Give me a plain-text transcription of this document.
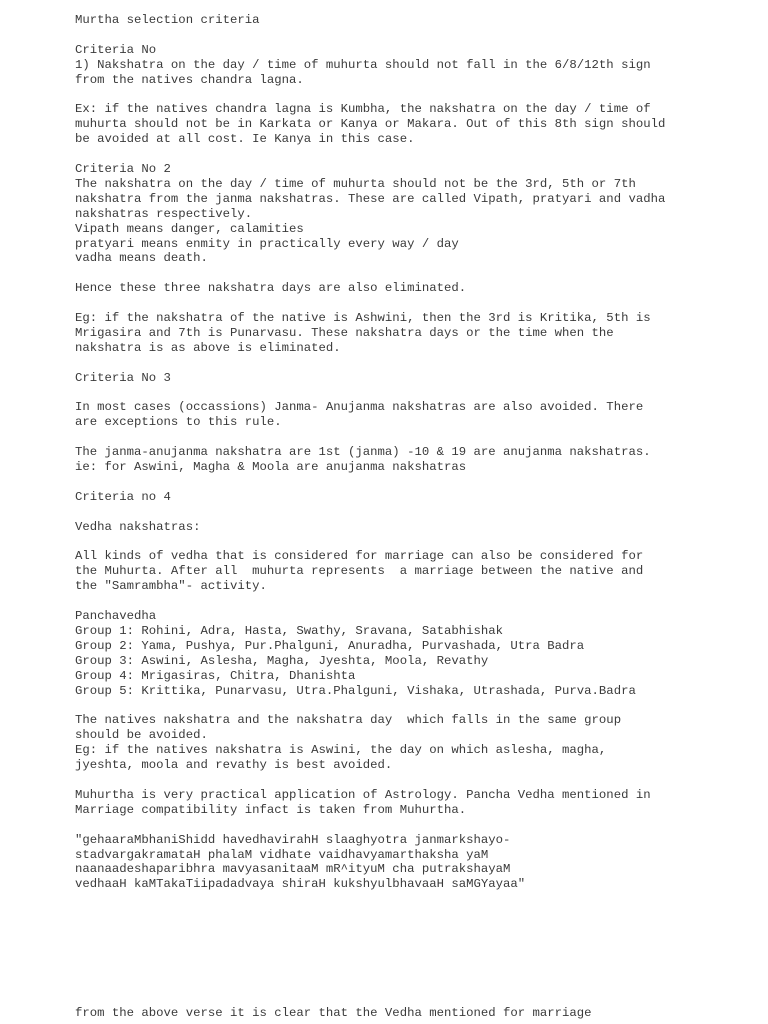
Murtha selection criteria
Criteria No
1) Nakshatra on the day / time of muhurta should not fall in the 6/8/12th sign
from the natives chandra lagna.
Ex: if the natives chandra lagna is Kumbha, the nakshatra on the day / time of
muhurta should not be in Karkata or Kanya or Makara. Out of this 8th sign should
be avoided at all cost. Ie Kanya in this case.
Criteria No 2
The nakshatra on the day / time of muhurta should not be the 3rd, 5th or 7th
nakshatra from the janma nakshatras. These are called Vipath, pratyari and vadha
nakshatras respectively.
Vipath means danger, calamities
pratyari means enmity in practically every way / day
vadha means death.
Hence these three nakshatra days are also eliminated.
Eg: if the nakshatra of the native is Ashwini, then the 3rd is Kritika, 5th is
Mrigasira and 7th is Punarvasu. These nakshatra days or the time when the
nakshatra is as above is eliminated.
Criteria No 3
In most cases (occassions) Janma- Anujanma nakshatras are also avoided. There
are exceptions to this rule.
The janma-anujanma nakshatra are 1st (janma) -10 & 19 are anujanma nakshatras.
ie: for Aswini, Magha & Moola are anujanma nakshatras
Criteria no 4
Vedha nakshatras:
All kinds of vedha that is considered for marriage can also be considered for
the Muhurta. After all  muhurta represents  a marriage between the native and
the "Samrambha"- activity.
Panchavedha
Group 1: Rohini, Adra, Hasta, Swathy, Sravana, Satabhishak
Group 2: Yama, Pushya, Pur.Phalguni, Anuradha, Purvashada, Utra Badra
Group 3: Aswini, Aslesha, Magha, Jyeshta, Moola, Revathy
Group 4: Mrigasiras, Chitra, Dhanishta
Group 5: Krittika, Punarvasu, Utra.Phalguni, Vishaka, Utrashada, Purva.Badra
The natives nakshatra and the nakshatra day  which falls in the same group
should be avoided.
Eg: if the natives nakshatra is Aswini, the day on which aslesha, magha,
jyeshta, moola and revathy is best avoided.
Muhurtha is very practical application of Astrology. Pancha Vedha mentioned in
Marriage compatibility infact is taken from Muhurtha.
"gehaaraMbhaniShidd havedhavirahH slaaghyotra janmarkshayo-
stadvargakramataH phalaM vidhate vaidhavyamarthaksha yaM
naanaadeshaparibhra mavyasanitaaM mR^ityuM cha putrakshayaM
vedhaaH kaMTakaTiipadadvaya shiraH kukshyulbhavaaH saMGYayaa"
from the above verse it is clear that the Vedha mentioned for marriage
